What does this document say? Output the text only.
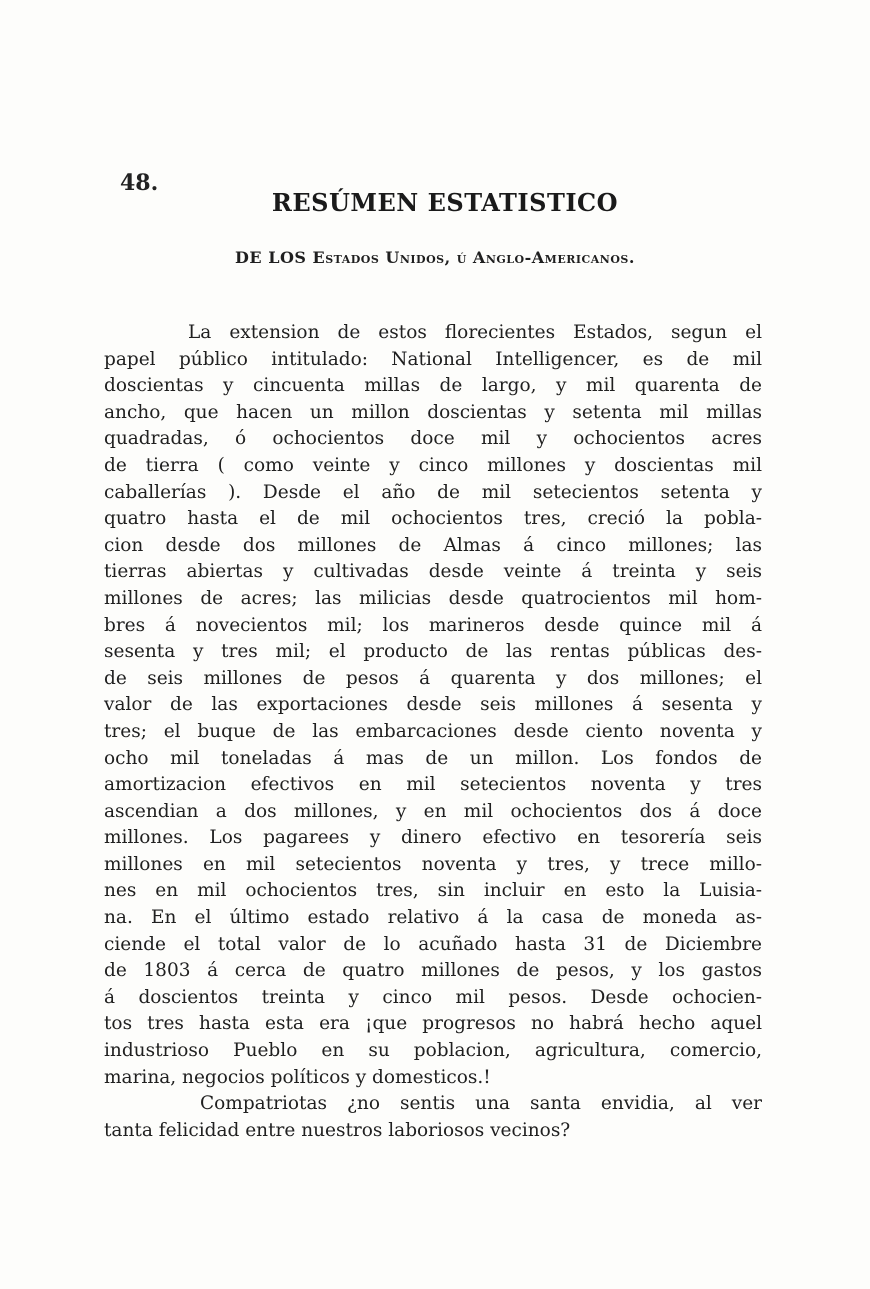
48.
RESÚMEN ESTATISTICO
DE LOS Estados Unidos, ú Anglo-Americanos.
La extension de estos florecientes Estados, segun el
papel público intitulado: National Intelligencer, es de mil
doscientas y cincuenta millas de largo, y mil quarenta de
ancho, que hacen un millon doscientas y setenta mil millas
quadradas, ó ochocientos doce mil y ochocientos acres
de tierra ( como veinte y cinco millones y doscientas mil
caballerías ). Desde el año de mil setecientos setenta y
quatro hasta el de mil ochocientos tres, creció la pobla-
cion desde dos millones de Almas á cinco millones; las
tierras abiertas y cultivadas desde veinte á treinta y seis
millones de acres; las milicias desde quatrocientos mil hom-
bres á novecientos mil; los marineros desde quince mil á
sesenta y tres mil; el producto de las rentas públicas des-
de seis millones de pesos á quarenta y dos millones; el
valor de las exportaciones desde seis millones á sesenta y
tres; el buque de las embarcaciones desde ciento noventa y
ocho mil toneladas á mas de un millon. Los fondos de
amortizacion efectivos en mil setecientos noventa y tres
ascendian a dos millones, y en mil ochocientos dos á doce
millones. Los pagarees y dinero efectivo en tesorería seis
millones en mil setecientos noventa y tres, y trece millo-
nes en mil ochocientos tres, sin incluir en esto la Luisia-
na. En el último estado relativo á la casa de moneda as-
ciende el total valor de lo acuñado hasta 31 de Diciembre
de 1803 á cerca de quatro millones de pesos, y los gastos
á doscientos treinta y cinco mil pesos. Desde ochocien-
tos tres hasta esta era ¡que progresos no habrá hecho aquel
industrioso Pueblo en su poblacion, agricultura, comercio,
marina, negocios políticos y domesticos.!
Compatriotas ¿no sentis una santa envidia, al ver
tanta felicidad entre nuestros laboriosos vecinos?
